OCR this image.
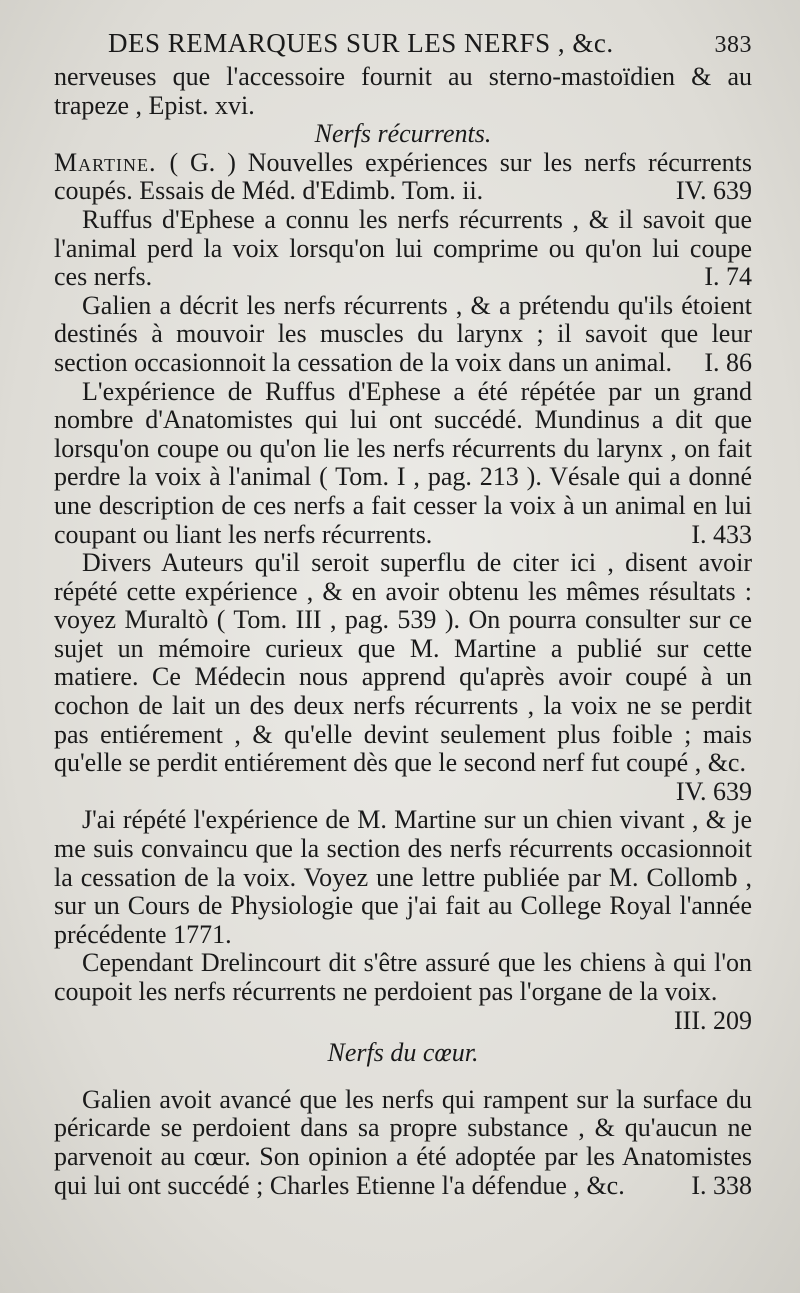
DES REMARQUES SUR LES NERFS , &c.	383

nerveuses que l'accessoire fournit au sterno-mastoïdien & au trapeze , Epist. xvi.

Nerfs récurrents.

Martine. ( G. ) Nouvelles expériences sur les nerfs récurrents coupés. Essais de Méd. d'Edimb. Tom. ii.	IV. 639

Ruffus d'Ephese a connu les nerfs récurrents , & il savoit que l'animal perd la voix lorsqu'on lui comprime ou qu'on lui coupe ces nerfs.	I. 74

Galien a décrit les nerfs récurrents , & a prétendu qu'ils étoient destinés à mouvoir les muscles du larynx ; il savoit que leur section occasionnoit la cessation de la voix dans un animal.	I. 86

L'expérience de Ruffus d'Ephese a été répétée par un grand nombre d'Anatomistes qui lui ont succédé. Mundinus a dit que lorsqu'on coupe ou qu'on lie les nerfs récurrents du larynx , on fait perdre la voix à l'animal ( Tom. I , pag. 213 ). Vésale qui a donné une description de ces nerfs a fait cesser la voix à un animal en lui coupant ou liant les nerfs récurrents.	I. 433

Divers Auteurs qu'il seroit superflu de citer ici , disent avoir répété cette expérience , & en avoir obtenu les mêmes résultats : voyez Muraltò ( Tom. III , pag. 539 ). On pourra consulter sur ce sujet un mémoire curieux que M. Martine a publié sur cette matiere. Ce Médecin nous apprend qu'après avoir coupé à un cochon de lait un des deux nerfs récurrents , la voix ne se perdit pas entiérement , & qu'elle devint seulement plus foible ; mais qu'elle se perdit entiérement dès que le second nerf fut coupé , &c.
IV. 639

J'ai répété l'expérience de M. Martine sur un chien vivant , & je me suis convaincu que la section des nerfs récurrents occasionnoit la cessation de la voix. Voyez une lettre publiée par M. Collomb , sur un Cours de Physiologie que j'ai fait au College Royal l'année précédente 1771.

Cependant Drelincourt dit s'être assuré que les chiens à qui l'on coupoit les nerfs récurrents ne perdoient pas l'organe de la voix.
III. 209

Nerfs du cœur.

Galien avoit avancé que les nerfs qui rampent sur la surface du péricarde se perdoient dans sa propre substance , & qu'aucun ne parvenoit au cœur. Son opinion a été adoptée par les Anatomistes qui lui ont succédé ; Charles Etienne l'a défendue , &c.	I. 338
